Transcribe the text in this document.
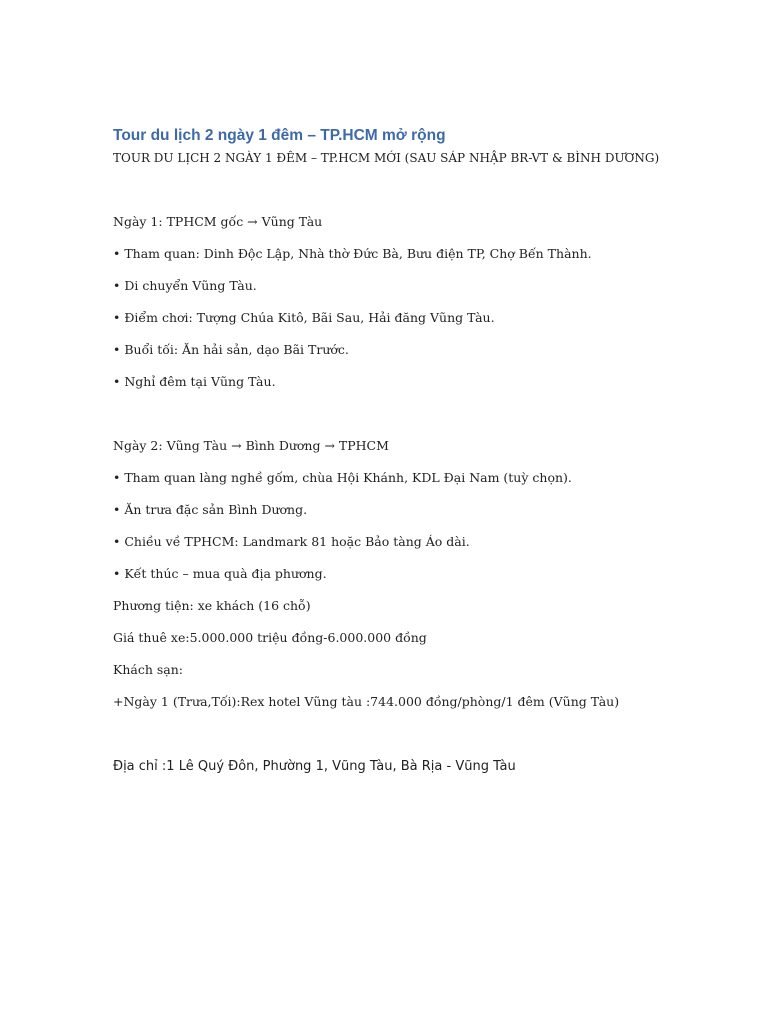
Tour du lịch 2 ngày 1 đêm – TP.HCM mở rộng
TOUR DU LỊCH 2 NGÀY 1 ĐÊM – TP.HCM MỚI (SAU SÁP NHẬP BR-VT & BÌNH DƯƠNG)
Ngày 1: TPHCM gốc → Vũng Tàu
• Tham quan: Dinh Độc Lập, Nhà thờ Đức Bà, Bưu điện TP, Chợ Bến Thành.
• Di chuyển Vũng Tàu.
• Điểm chơi: Tượng Chúa Kitô, Bãi Sau, Hải đăng Vũng Tàu.
• Buổi tối: Ăn hải sản, dạo Bãi Trước.
• Nghỉ đêm tại Vũng Tàu.
Ngày 2: Vũng Tàu → Bình Dương → TPHCM
• Tham quan làng nghề gốm, chùa Hội Khánh, KDL Đại Nam (tuỳ chọn).
• Ăn trưa đặc sản Bình Dương.
• Chiều về TPHCM: Landmark 81 hoặc Bảo tàng Áo dài.
• Kết thúc – mua quà địa phương.
Phương tiện: xe khách (16 chỗ)
Giá thuê xe:5.000.000 triệu đồng-6.000.000 đồng
Khách sạn:
+Ngày 1 (Trưa,Tối):Rex hotel Vũng tàu :744.000 đồng/phòng/1 đêm (Vũng Tàu)
Địa chỉ :1 Lê Quý Đôn, Phường 1, Vũng Tàu, Bà Rịa - Vũng Tàu
